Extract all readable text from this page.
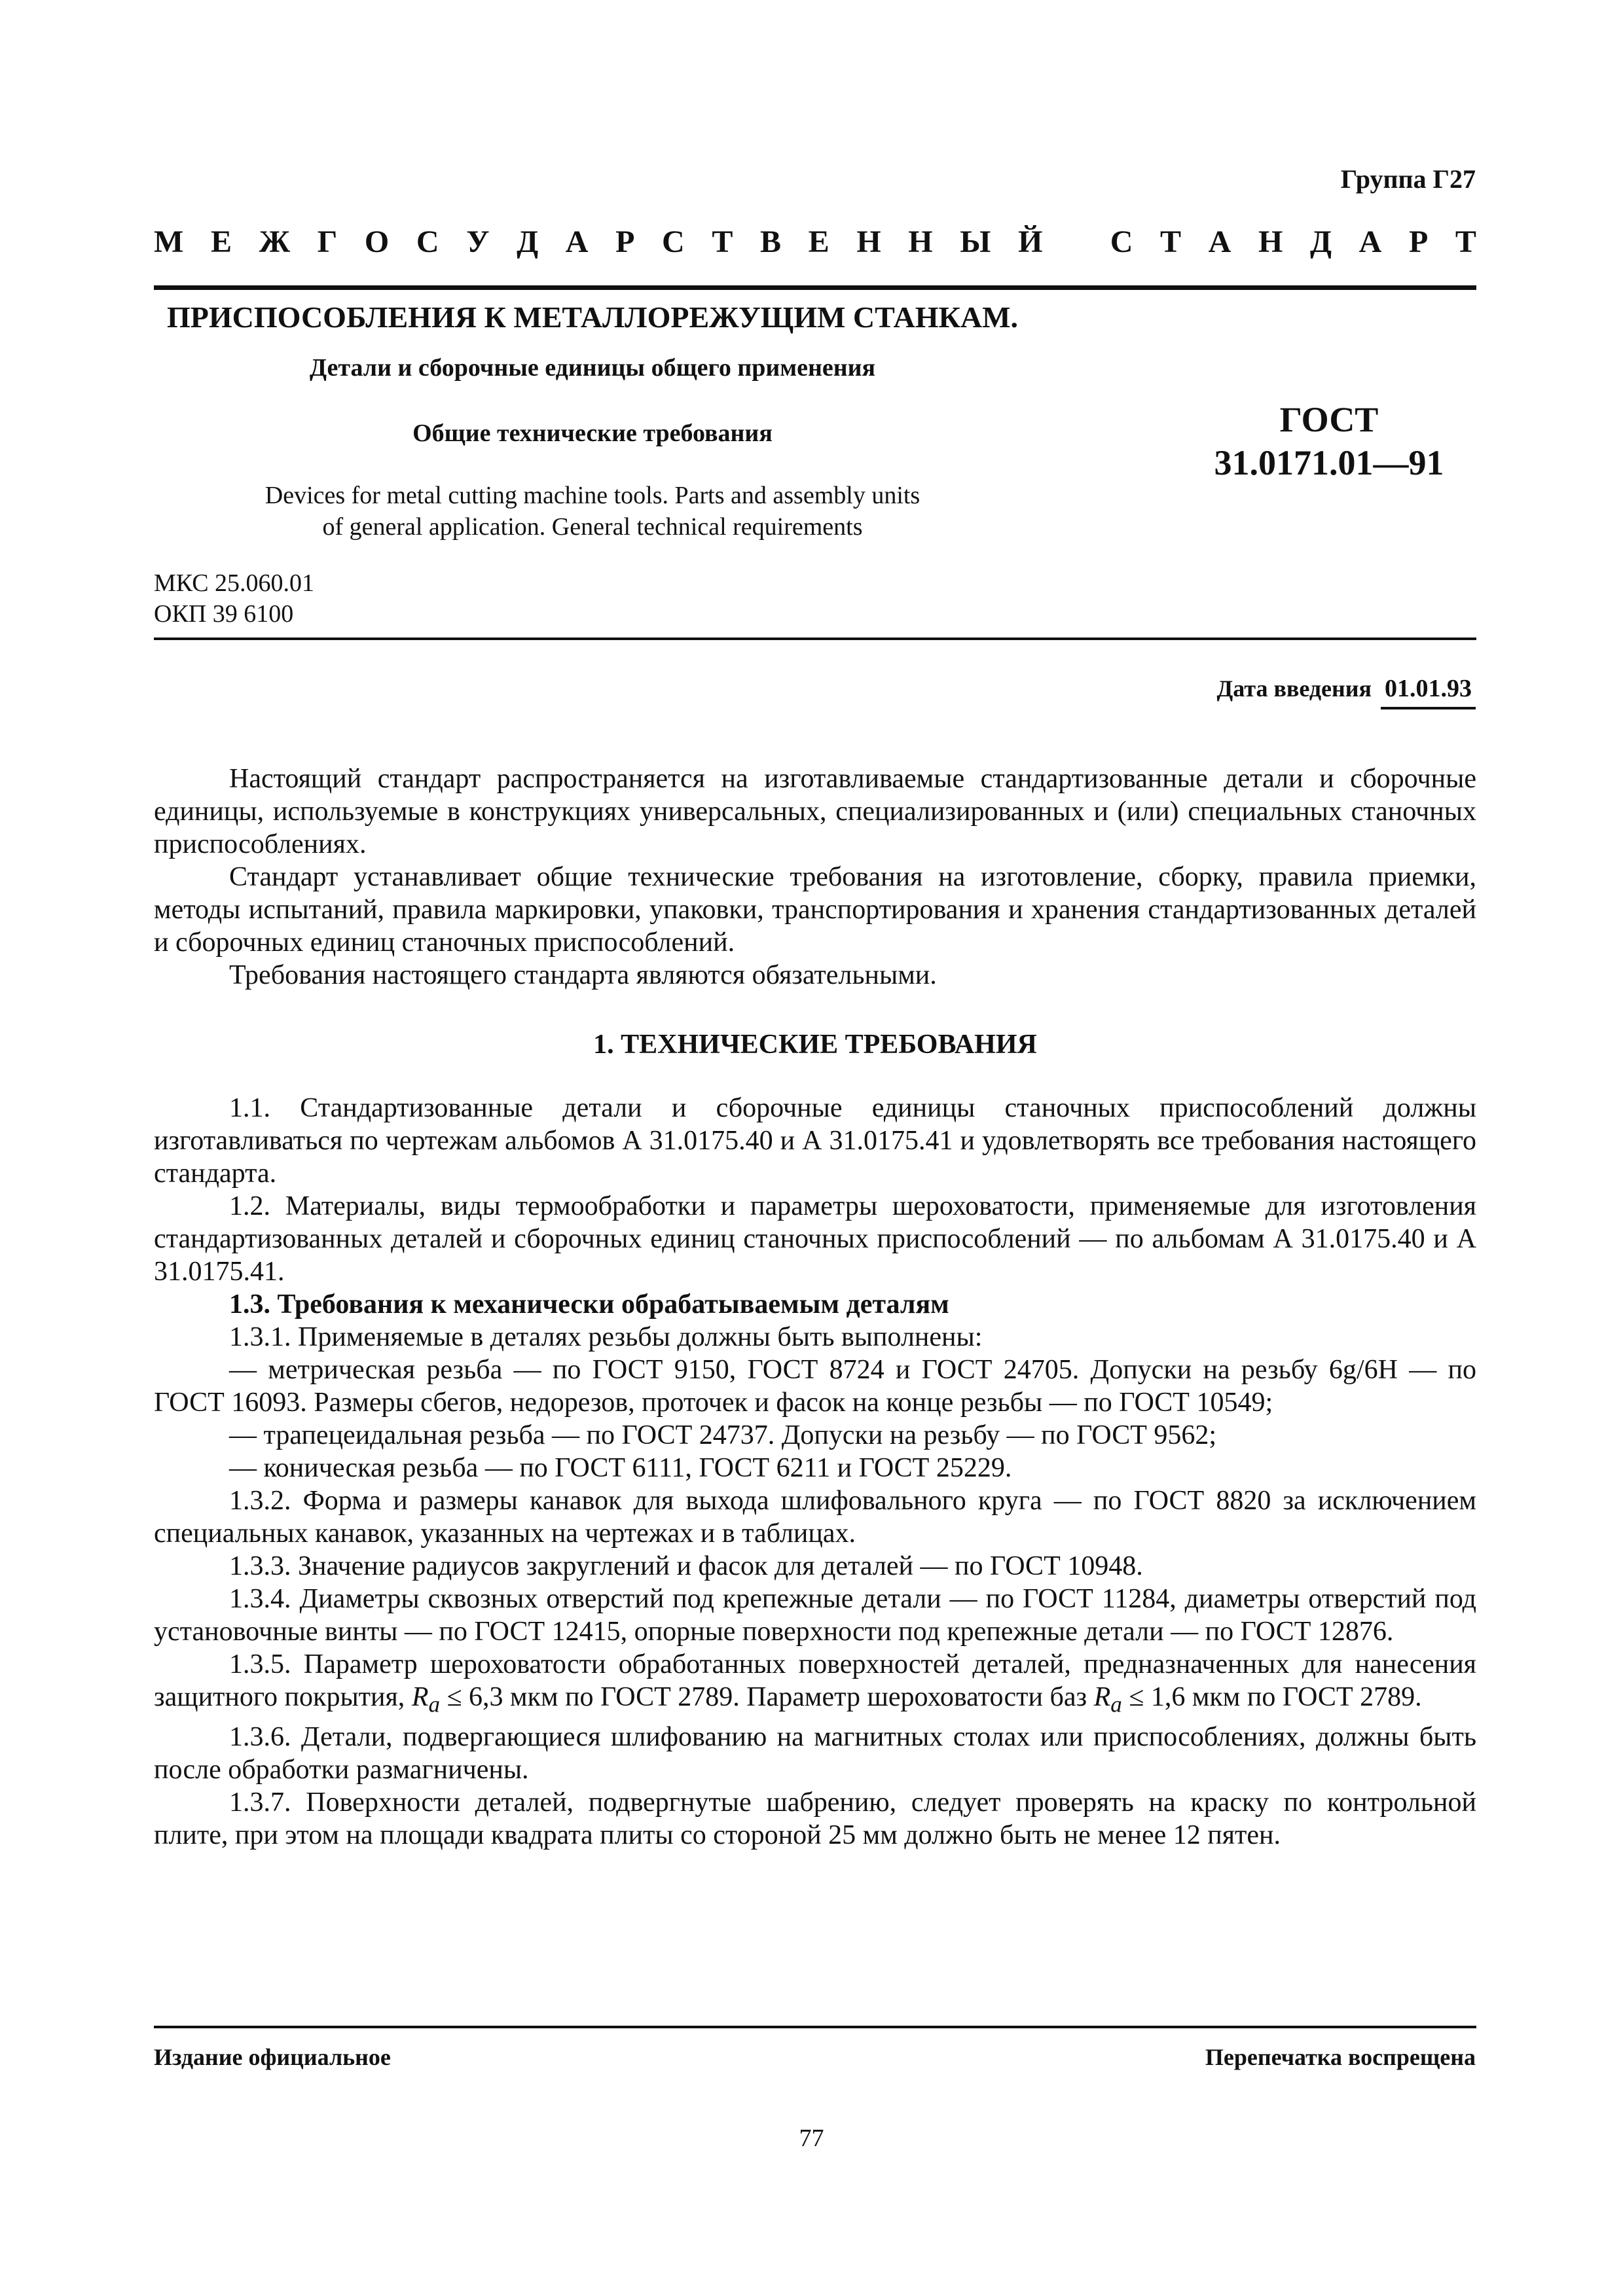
Группа Г27
М Е Ж Г О С У Д А Р С Т В Е Н Н Ы Й С Т А Н Д А Р Т
ПРИСПОСОБЛЕНИЯ К МЕТАЛЛОРЕЖУЩИМ СТАНКАМ.
Детали и сборочные единицы общего применения
Общие технические требования
Devices for metal cutting machine tools. Parts and assembly units
of general application. General technical requirements
ГОСТ
31.0171.01—91
МКС 25.060.01
ОКП 39 6100
Дата введения 01.01.93

Настоящий стандарт распространяется на изготавливаемые стандартизованные детали и сборочные единицы, используемые в конструкциях универсальных, специализированных и (или) специальных станочных приспособлениях.

Стандарт устанавливает общие технические требования на изготовление, сборку, правила приемки, методы испытаний, правила маркировки, упаковки, транспортирования и хранения стандартизованных деталей и сборочных единиц станочных приспособлений.

Требования настоящего стандарта являются обязательными.

1. ТЕХНИЧЕСКИЕ ТРЕБОВАНИЯ

1.1. Стандартизованные детали и сборочные единицы станочных приспособлений должны изготавливаться по чертежам альбомов А 31.0175.40 и А 31.0175.41 и удовлетворять все требования настоящего стандарта.

1.2. Материалы, виды термообработки и параметры шероховатости, применяемые для изготовления стандартизованных деталей и сборочных единиц станочных приспособлений — по альбомам А 31.0175.40 и А 31.0175.41.

1.3. Требования к механически обрабатываемым деталям

1.3.1. Применяемые в деталях резьбы должны быть выполнены:

— метрическая резьба — по ГОСТ 9150, ГОСТ 8724 и ГОСТ 24705. Допуски на резьбу 6g/6H — по ГОСТ 16093. Размеры сбегов, недорезов, проточек и фасок на конце резьбы — по ГОСТ 10549;

— трапецеидальная резьба — по ГОСТ 24737. Допуски на резьбу — по ГОСТ 9562;

— коническая резьба — по ГОСТ 6111, ГОСТ 6211 и ГОСТ 25229.

1.3.2. Форма и размеры канавок для выхода шлифовального круга — по ГОСТ 8820 за исключением специальных канавок, указанных на чертежах и в таблицах.

1.3.3. Значение радиусов закруглений и фасок для деталей — по ГОСТ 10948.

1.3.4. Диаметры сквозных отверстий под крепежные детали — по ГОСТ 11284, диаметры отверстий под установочные винты — по ГОСТ 12415, опорные поверхности под крепежные детали — по ГОСТ 12876.

1.3.5. Параметр шероховатости обработанных поверхностей деталей, предназначенных для нанесения защитного покрытия, $R_a \le 6,3$ мкм по ГОСТ 2789. Параметр шероховатости баз $R_a \le 1,6$ мкм по ГОСТ 2789.

1.3.6. Детали, подвергающиеся шлифованию на магнитных столах или приспособлениях, должны быть после обработки размагничены.

1.3.7. Поверхности деталей, подвергнутые шабрению, следует проверять на краску по контрольной плите, при этом на площади квадрата плиты со стороной 25 мм должно быть не менее 12 пятен.

Издание официальное	Перепечатка воспрещена
77
